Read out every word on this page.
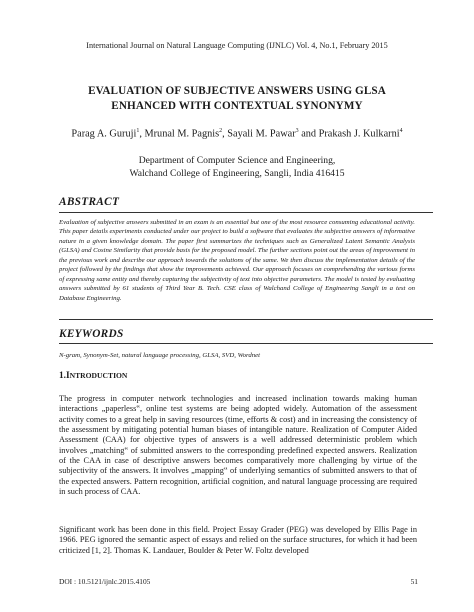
International Journal on Natural Language Computing (IJNLC) Vol. 4, No.1, February 2015
EVALUATION OF SUBJECTIVE ANSWERS USING GLSA
ENHANCED WITH CONTEXTUAL SYNONYMY
Parag A. Guruji$^1$, Mrunal M. Pagnis$^2$, Sayali M. Pawar$^3$ and Prakash J. Kulkarni$^4$
Department of Computer Science and Engineering,
Walchand College of Engineering, Sangli, India 416415
ABSTRACT
Evaluation of subjective answers submitted in an exam is an essential but one of the most resource consuming educational activity. This paper details experiments conducted under our project to build a software that evaluates the subjective answers of informative nature in a given knowledge domain. The paper first summarizes the techniques such as Generalized Latent Semantic Analysis (GLSA) and Cosine Similarity that provide basis for the proposed model. The further sections point out the areas of improvement in the previous work and describe our approach towards the solutions of the same. We then discuss the implementation details of the project followed by the findings that show the improvements achieved. Our approach focuses on comprehending the various forms of expressing same entity and thereby capturing the subjectivity of text into objective parameters. The model is tested by evaluating answers submitted by 61 students of Third Year B. Tech. CSE class of Walchand College of Engineering Sangli in a test on Database Engineering.
KEYWORDS
N-gram, Synonym-Set, natural language processing, GLSA, SVD, Wordnet
1.INTRODUCTION
The progress in computer network technologies and increased inclination towards making human interactions „paperless‟, online test systems are being adopted widely. Automation of the assessment activity comes to a great help in saving resources (time, efforts & cost) and in increasing the consistency of the assessment by mitigating potential human biases of intangible nature. Realization of Computer Aided Assessment (CAA) for objective types of answers is a well addressed deterministic problem which involves „matching‟ of submitted answers to the corresponding predefined expected answers. Realization of the CAA in case of descriptive answers becomes comparatively more challenging by virtue of the subjectivity of the answers. It involves „mapping‟ of underlying semantics of submitted answers to that of the expected answers. Pattern recognition, artificial cognition, and natural language processing are required in such process of CAA.
Significant work has been done in this field. Project Essay Grader (PEG) was developed by Ellis Page in 1966. PEG ignored the semantic aspect of essays and relied on the surface structures, for which it had been criticized [1, 2]. Thomas K. Landauer, Boulder & Peter W. Foltz developed
DOI : 10.5121/ijnlc.2015.4105	51
